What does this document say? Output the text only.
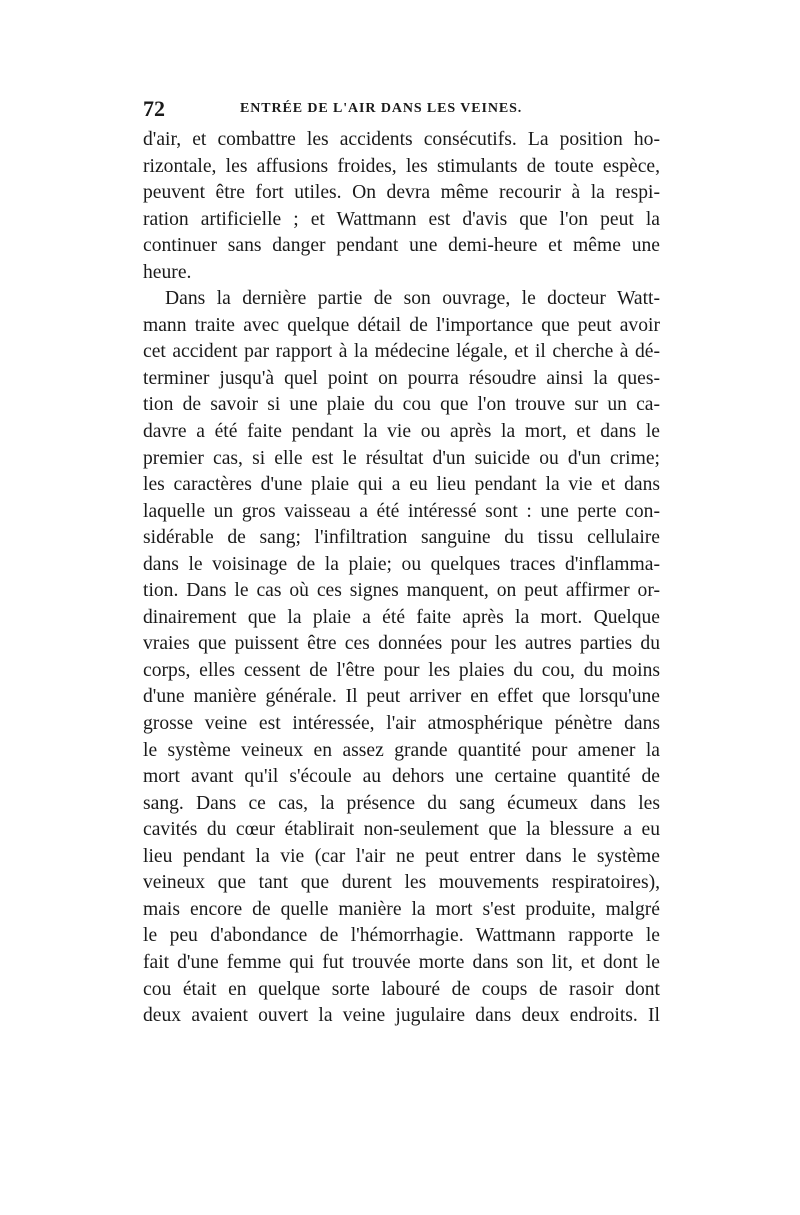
72	ENTRÉE DE L'AIR DANS LES VEINES.
d'air, et combattre les accidents consécutifs. La position ho-
rizontale, les affusions froides, les stimulants de toute espèce,
peuvent être fort utiles. On devra même recourir à la respi-
ration artificielle ; et Wattmann est d'avis que l'on peut la
continuer sans danger pendant une demi-heure et même une
heure.
Dans la dernière partie de son ouvrage, le docteur Watt-
mann traite avec quelque détail de l'importance que peut avoir
cet accident par rapport à la médecine légale, et il cherche à dé-
terminer jusqu'à quel point on pourra résoudre ainsi la ques-
tion de savoir si une plaie du cou que l'on trouve sur un ca-
davre a été faite pendant la vie ou après la mort, et dans le
premier cas, si elle est le résultat d'un suicide ou d'un crime;
les caractères d'une plaie qui a eu lieu pendant la vie et dans
laquelle un gros vaisseau a été intéressé sont : une perte con-
sidérable de sang; l'infiltration sanguine du tissu cellulaire
dans le voisinage de la plaie; ou quelques traces d'inflamma-
tion. Dans le cas où ces signes manquent, on peut affirmer or-
dinairement que la plaie a été faite après la mort. Quelque
vraies que puissent être ces données pour les autres parties du
corps, elles cessent de l'être pour les plaies du cou, du moins
d'une manière générale. Il peut arriver en effet que lorsqu'une
grosse veine est intéressée, l'air atmosphérique pénètre dans
le système veineux en assez grande quantité pour amener la
mort avant qu'il s'écoule au dehors une certaine quantité de
sang. Dans ce cas, la présence du sang écumeux dans les
cavités du cœur établirait non-seulement que la blessure a eu
lieu pendant la vie (car l'air ne peut entrer dans le système
veineux que tant que durent les mouvements respiratoires),
mais encore de quelle manière la mort s'est produite, malgré
le peu d'abondance de l'hémorrhagie. Wattmann rapporte le
fait d'une femme qui fut trouvée morte dans son lit, et dont le
cou était en quelque sorte labouré de coups de rasoir dont
deux avaient ouvert la veine jugulaire dans deux endroits. Il
